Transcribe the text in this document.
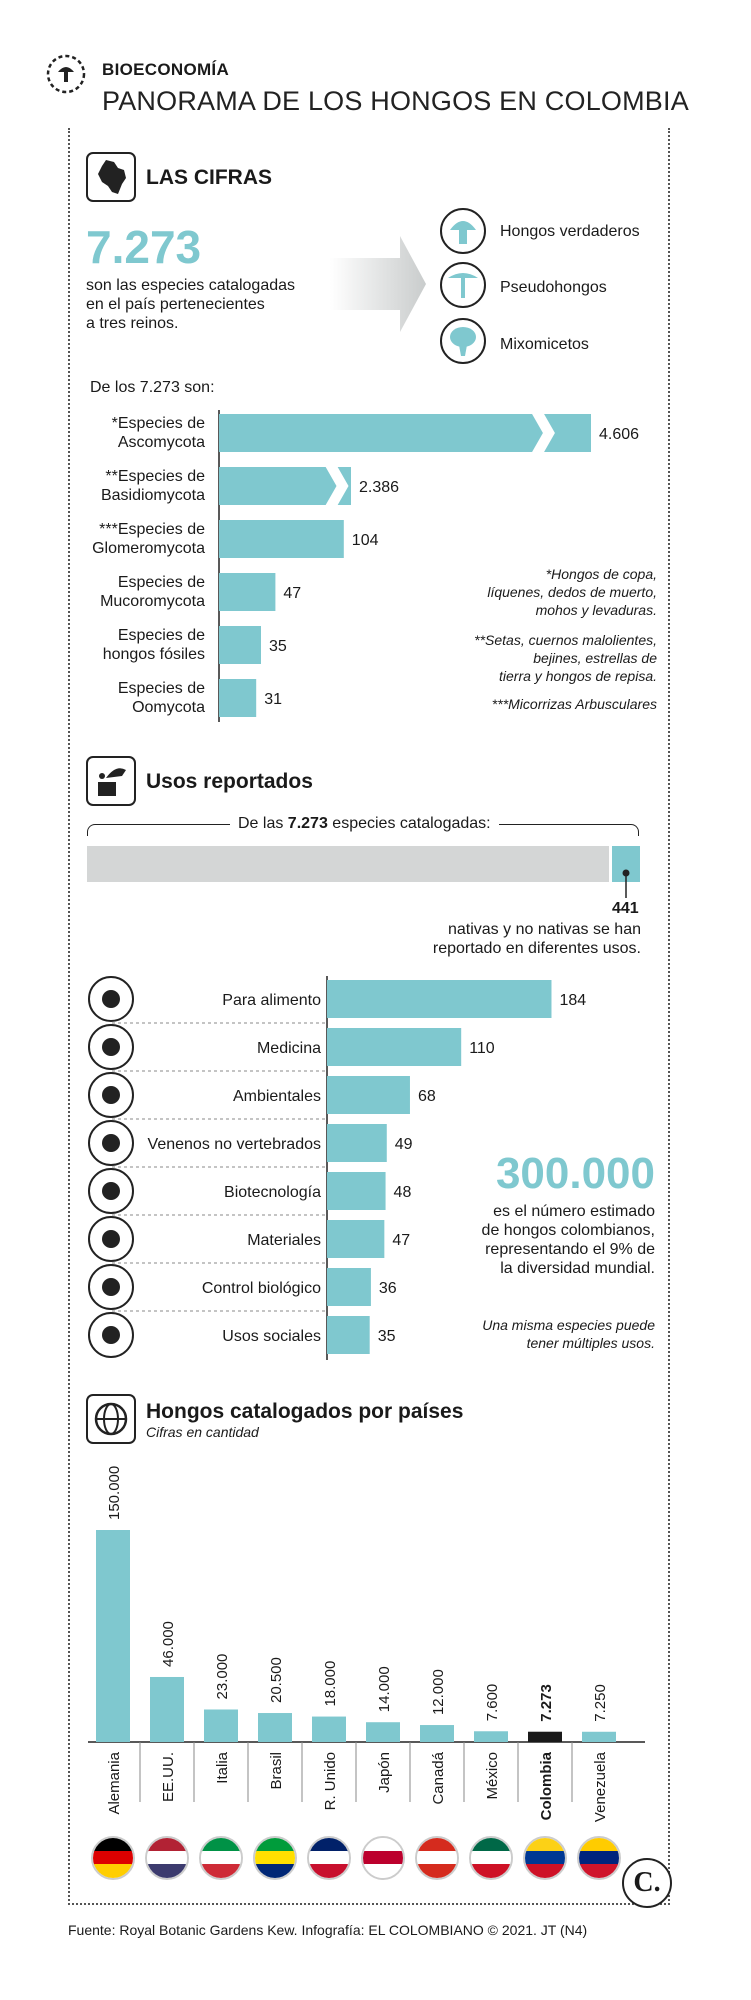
BIOECONOMÍA
PANORAMA DE LOS HONGOS EN COLOMBIA
LAS CIFRAS
7.273
son las especies catalogadas
en el país pertenecientes
a tres reinos.
Hongos verdaderos
Pseudohongos
Mixomicetos
De los 7.273 son:
4.606
*Especies de
Ascomycota
2.386
**Especies de
Basidiomycota
104
***Especies de
Glomeromycota
47
Especies de
Mucoromycota
35
Especies de
hongos fósiles
31
Especies de
Oomycota
*Hongos de copa,
líquenes, dedos de muerto,
mohos y levaduras.
**Setas, cuernos malolientes,
bejines, estrellas de
tierra y hongos de repisa.
***Micorrizas Arbusculares
Usos reportados
De las 7.273 especies catalogadas:
441
nativas y no nativas se han
reportado en diferentes usos.
184
Para alimento
110
Medicina
68
Ambientales
49
Venenos no vertebrados
48
Biotecnología
47
Materiales
36
Control biológico
35
Usos sociales
300.000
es el número estimado
de hongos colombianos,
representando el 9% de
la diversidad mundial.
Una misma especies puede
tener múltiples usos.
Hongos catalogados por países
Cifras en cantidad
150.000
Alemania
46.000
EE.UU.
23.000
Italia
20.500
Brasil
18.000
R. Unido
14.000
Japón
12.000
Canadá
7.600
México
7.273
Colombia
7.250
Venezuela
C.
Fuente: Royal Botanic Gardens Kew. Infografía: EL COLOMBIANO © 2021. JT (N4)
